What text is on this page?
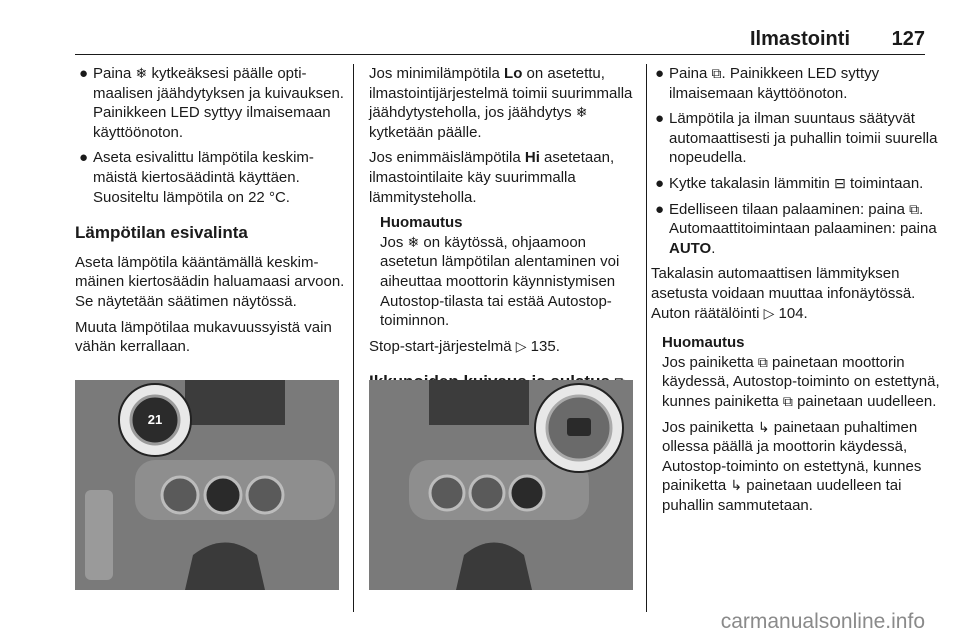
Ilmastointi 127
● Paina ❄ kytkeäksesi päälle optimaalisen jäähdytyksen ja kuivauksen. Painikkeen LED syttyy ilmaisemaan käyttöönoton.
● Aseta esivalittu lämpötila keskimmäistä kiertosäädintä käyttäen. Suositeltu lämpötila on 22 °C.
Lämpötilan esivalinta

Aseta lämpötila kääntämällä keskimmäinen kiertosäädin haluamaasi arvoon. Se näytetään säätimen näytössä.

Muuta lämpötilaa mukavuussyistä vain vähän kerrallaan.

21

Jos minimilämpötila Lo on asetettu, ilmastointijärjestelmä toimii suurimmalla jäähdytysteholla, jos jäähdytys ❄ kytketään päälle.

Jos enimmäislämpötila Hi asetetaan, ilmastointilaite käy suurimmalla lämmitysteholla.

Huomautus
Jos ❄ on käytössä, ohjaamoon asetetun lämpötilan alentaminen voi aiheuttaa moottorin käynnistymisen Autostop-tilasta tai estää Autostop-toiminnon.

Stop-start-järjestelmä ▷ 135.

● Paina ⧉. Painikkeen LED syttyy ilmaisemaan käyttöönoton.
● Lämpötila ja ilman suuntaus säätyvät automaattisesti ja puhallin toimii suurella nopeudella.
● Kytke takalasin lämmitin ⊟ toimintaan.
● Edelliseen tilaan palaaminen: paina ⧉. Automaattitoimintaan palaaminen: paina AUTO.

Takalasin automaattisen lämmityksen asetusta voidaan muuttaa infonäytössä. Auton räätälöinti ▷ 104.

Huomautus

Jos painiketta ⧉ painetaan moottorin käydessä, Autostop-toiminto on estettynä, kunnes painiketta ⧉ painetaan uudelleen.

Jos painiketta ↳ painetaan puhaltimen ollessa päällä ja moottorin käydessä, Autostop-toiminto on estettynä, kunnes painiketta ↳ painetaan uudelleen tai puhallin sammutetaan.

carmanualsonline.info
